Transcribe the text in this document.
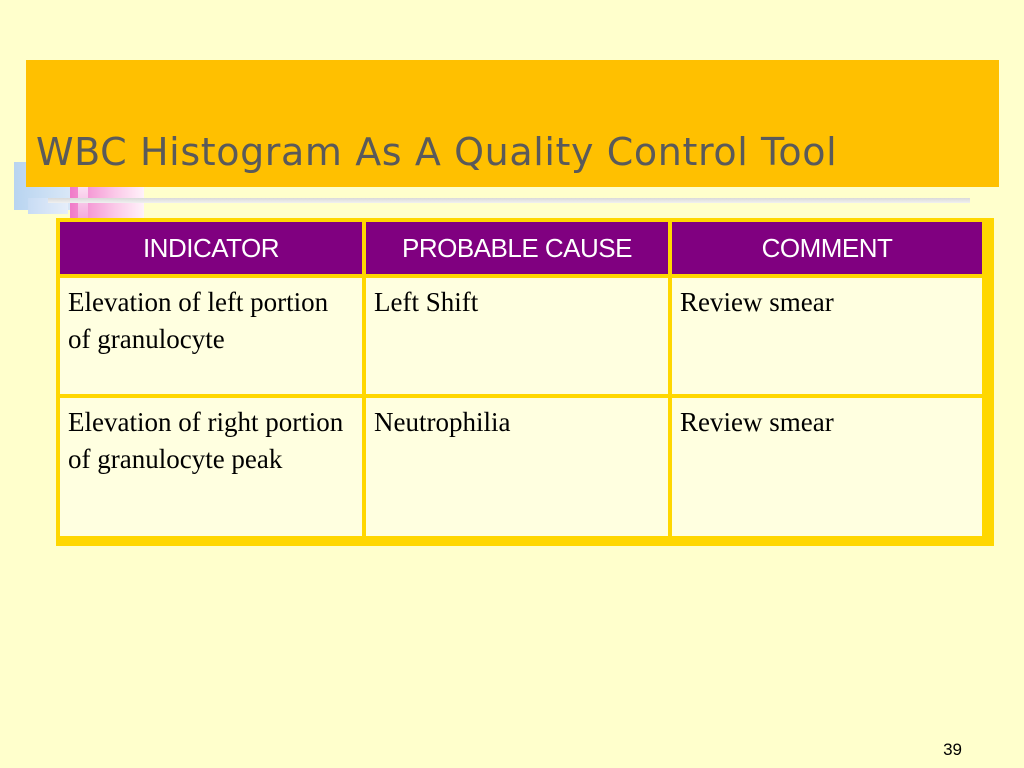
WBC Histogram As A Quality Control Tool
INDICATOR	PROBABLE CAUSE	COMMENT
Elevation of left portion of granulocyte	Left Shift	Review smear
Elevation of right portion of granulocyte peak	Neutrophilia	Review smear
39
